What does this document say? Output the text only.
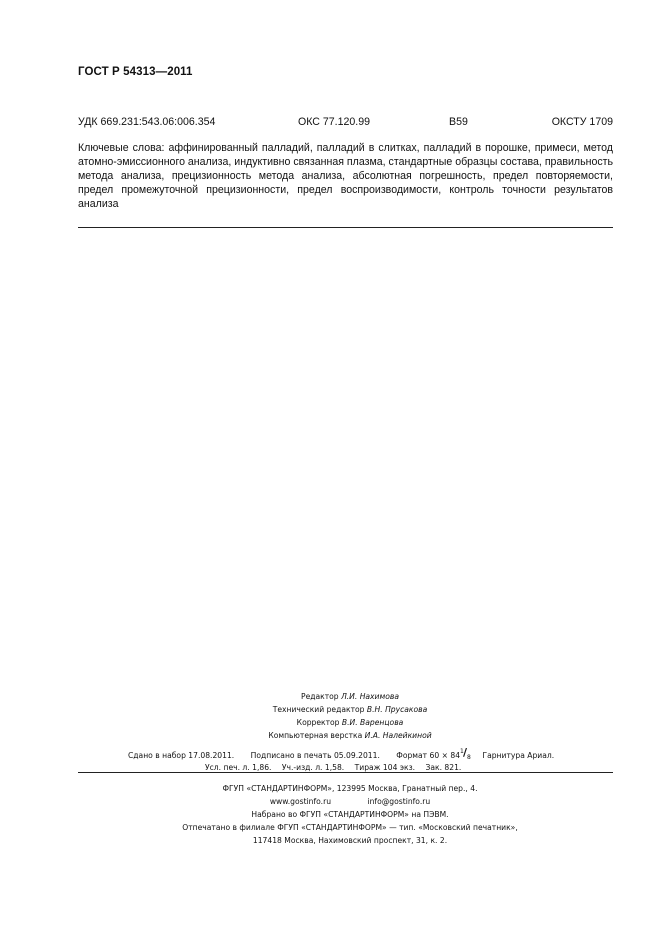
ГОСТ Р 54313—2011
УДК 669.231:543.06:006.354	ОКС 77.120.99	В59	ОКСТУ 1709
Ключевые слова: аффинированный палладий, палладий в слитках, палладий в порошке, примеси, метод атомно-эмиссионного анализа, индуктивно связанная плазма, стандартные образцы состава, правильность метода анализа, прецизионность метода анализа, абсолютная погрешность, предел повторяемости, предел промежуточной прецизионности, предел воспроизводимости, контроль точности результатов анализа
Редактор Л.И. Нахимова
Технический редактор В.Н. Прусакова
Корректор В.И. Варенцова
Компьютерная верстка И.А. Налейкиной
Сдано в набор 17.08.2011. Подписано в печать 05.09.2011. Формат 60 × 84 1 / 8 Гарнитура Ариал.
Усл. печ. л. 1,86. Уч.-изд. л. 1,58. Тираж 104 экз. Зак. 821.
ФГУП «СТАНДАРТИНФОРМ», 123995 Москва, Гранатный пер., 4.
www.gostinfo.ru	info@gostinfo.ru
Набрано во ФГУП «СТАНДАРТИНФОРМ» на ПЭВМ.
Отпечатано в филиале ФГУП «СТАНДАРТИНФОРМ» — тип. «Московский печатник»,
117418 Москва, Нахимовский проспект, 31, к. 2.
